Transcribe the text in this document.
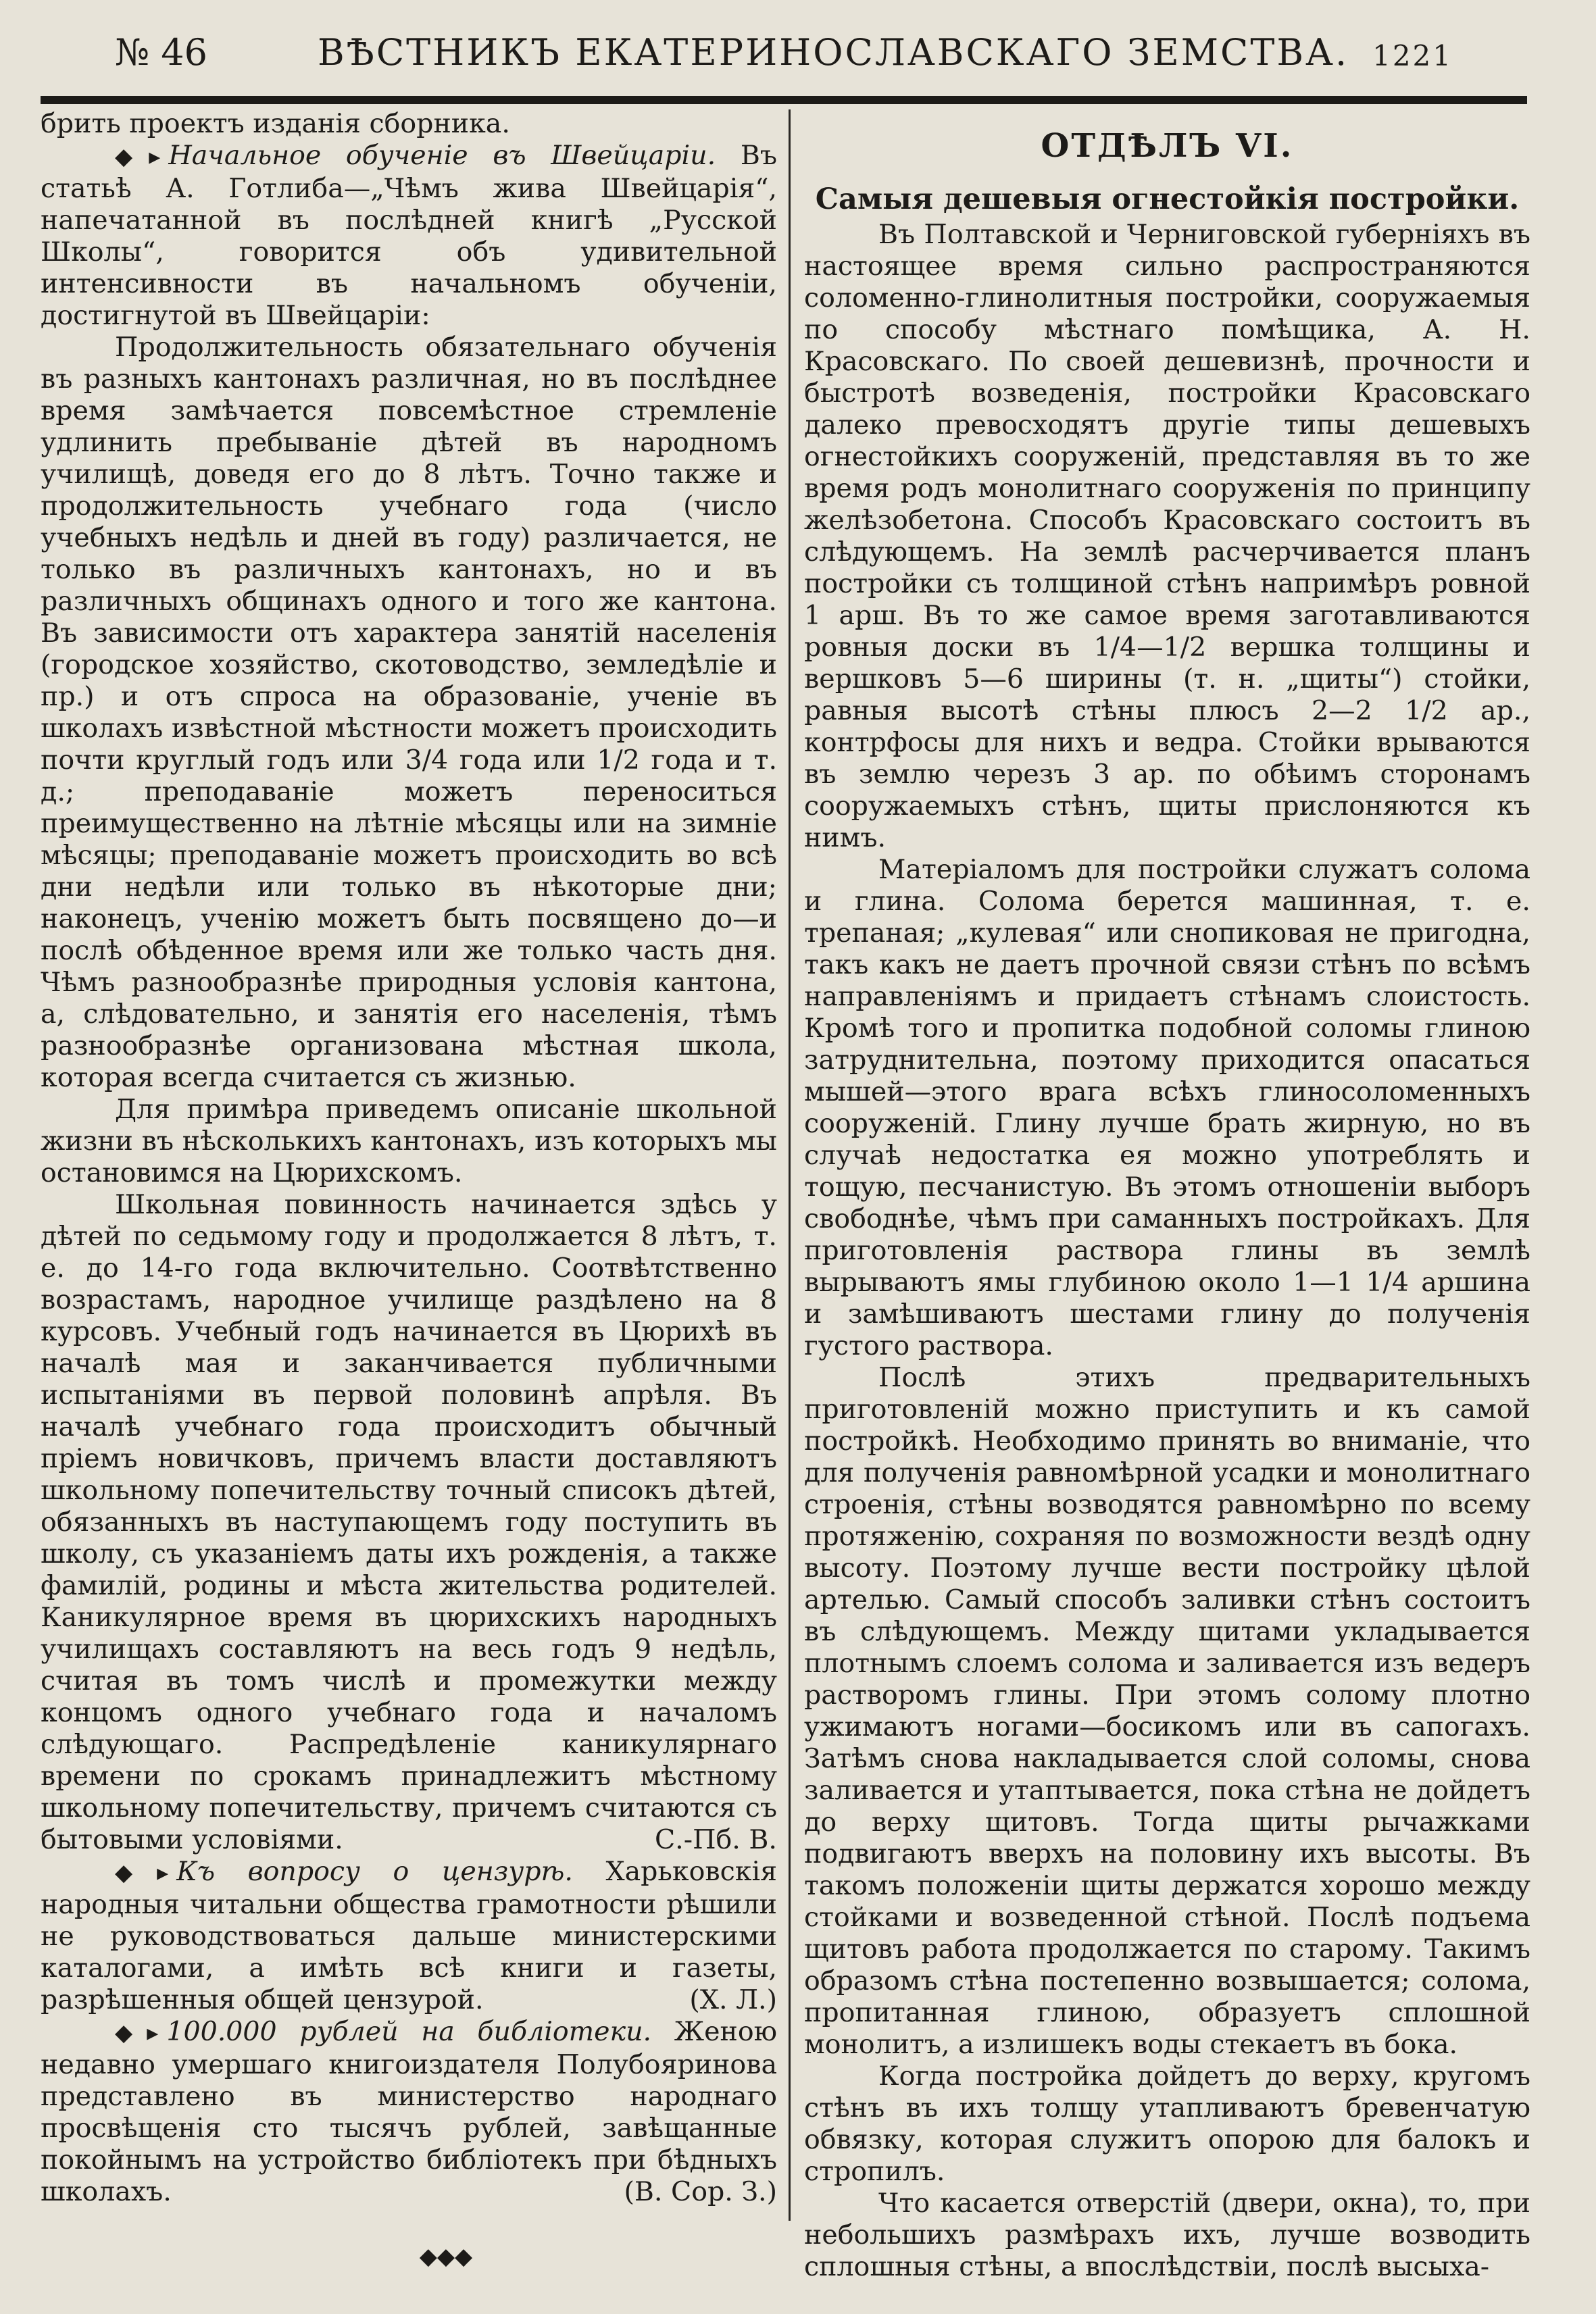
№ 46	ВѢСТНИКЪ ЕКАТЕРИНОСЛАВСКАГО ЗЕМСТВА. 1221

брить проектъ изданія сборника.

◆▸ Начальное обученіе въ Швейцаріи. Въ статьѣ А. Готлиба—„Чѣмъ жива Швейцарія“, напечатанной въ послѣдней книгѣ „Русской Школы“, говорится объ удивительной интенсивности въ начальномъ обученіи, достигнутой въ Швейцаріи:

Продолжительность обязательнаго обученія въ разныхъ кантонахъ различная, но въ послѣднее время замѣчается повсемѣстное стремленіе удлинить пребываніе дѣтей въ народномъ училищѣ, доведя его до 8 лѣтъ. Точно также и продолжительность учебнаго года (число учебныхъ недѣль и дней въ году) различается, не только въ различныхъ кантонахъ, но и въ различныхъ общинахъ одного и того же кантона. Въ зависимости отъ характера занятій населенія (городское хозяйство, скотоводство, земледѣліе и пр.) и отъ спроса на образованіе, ученіе въ школахъ извѣстной мѣстности можетъ происходить почти круглый годъ или 3/4 года или 1/2 года и т. д.; преподаваніе можетъ переноситься преимущественно на лѣтніе мѣсяцы или на зимніе мѣсяцы; преподаваніе можетъ происходить во всѣ дни недѣли или только въ нѣкоторые дни; наконецъ, ученію можетъ быть посвящено до—и послѣ обѣденное время или же только часть дня. Чѣмъ разнообразнѣе природныя условія кантона, а, слѣдовательно, и занятія его населенія, тѣмъ разнообразнѣе организована мѣстная школа, которая всегда считается съ жизнью.

Для примѣра приведемъ описаніе школьной жизни въ нѣсколькихъ кантонахъ, изъ которыхъ мы остановимся на Цюрихскомъ.

Школьная повинность начинается здѣсь у дѣтей по седьмому году и продолжается 8 лѣтъ, т. е. до 14-го года включительно. Соотвѣтственно возрастамъ, народное училище раздѣлено на 8 курсовъ. Учебный годъ начинается въ Цюрихѣ въ началѣ мая и заканчивается публичными испытаніями въ первой половинѣ апрѣля. Въ началѣ учебнаго года происходитъ обычный пріемъ новичковъ, причемъ власти доставляютъ школьному попечительству точный списокъ дѣтей, обязанныхъ въ наступающемъ году поступить въ школу, съ указаніемъ даты ихъ рожденія, а также фамилій, родины и мѣста жительства родителей. Каникулярное время въ цюрихскихъ народныхъ училищахъ составляютъ на весь годъ 9 недѣль, считая въ томъ числѣ и промежутки между концомъ одного учебнаго года и началомъ слѣдующаго. Распредѣленіе каникулярнаго времени по срокамъ принадлежитъ мѣстному школьному попечительству, причемъ считаются съ бытовыми условіями.	С.-Пб. В.

◆▸ Къ вопросу о цензурѣ. Харьковскія народныя читальни общества грамотности рѣшили не руководствоваться дальше министерскими каталогами, а имѣть всѣ книги и газеты, разрѣшенныя общей цензурой.	(Х. Л.)

◆▸ 100.000 рублей на библіотеки. Женою недавно умершаго книгоиздателя Полубояринова представлено въ министерство народнаго просвѣщенія сто тысячъ рублей, завѣщанные покойнымъ на устройство библіотекъ при бѣдныхъ школахъ.	(В. Сор. З.)

◆◆◆
ОТДѢЛЪ VI.
Самыя дешевыя огнестойкія постройки.

Въ Полтавской и Черниговской губерніяхъ въ настоящее время сильно распространяются соломенно-глинолитныя постройки, сооружаемыя по способу мѣстнаго помѣщика, А. Н. Красовскаго. По своей дешевизнѣ, прочности и быстротѣ возведенія, постройки Красовскаго далеко превосходятъ другіе типы дешевыхъ огнестойкихъ сооруженій, представляя въ то же время родъ монолитнаго сооруженія по принципу желѣзобетона. Способъ Красовскаго состоитъ въ слѣдующемъ. На землѣ расчерчивается планъ постройки съ толщиной стѣнъ напримѣръ ровной 1 арш. Въ то же самое время заготавливаются ровныя доски въ 1/4—1/2 вершка толщины и вершковъ 5—6 ширины (т. н. „щиты“) стойки, равныя высотѣ стѣны плюсъ 2—2 1/2 ар., контрфосы для нихъ и ведра. Стойки врываются въ землю черезъ 3 ар. по обѣимъ сторонамъ сооружаемыхъ стѣнъ, щиты прислоняются къ нимъ.

Матеріаломъ для постройки служатъ солома и глина. Солома берется машинная, т. е. трепаная; „кулевая“ или снопиковая не пригодна, такъ какъ не даетъ прочной связи стѣнъ по всѣмъ направленіямъ и придаетъ стѣнамъ слоистость. Кромѣ того и пропитка подобной соломы глиною затруднительна, поэтому приходится опасаться мышей—этого врага всѣхъ глиносоломенныхъ сооруженій. Глину лучше брать жирную, но въ случаѣ недостатка ея можно употреблять и тощую, песчанистую. Въ этомъ отношеніи выборъ свободнѣе, чѣмъ при саманныхъ постройкахъ. Для приготовленія раствора глины въ землѣ вырываютъ ямы глубиною около 1—1 1/4 аршина и замѣшиваютъ шестами глину до полученія густого раствора.

Послѣ этихъ предварительныхъ приготовленій можно приступить и къ самой постройкѣ. Необходимо принять во вниманіе, что для полученія равномѣрной усадки и монолитнаго строенія, стѣны возводятся равномѣрно по всему протяженію, сохраняя по возможности вездѣ одну высоту. Поэтому лучше вести постройку цѣлой артелью. Самый способъ заливки стѣнъ состоитъ въ слѣдующемъ. Между щитами укладывается плотнымъ слоемъ солома и заливается изъ ведеръ растворомъ глины. При этомъ солому плотно ужимаютъ ногами—босикомъ или въ сапогахъ. Затѣмъ снова накладывается слой соломы, снова заливается и утаптывается, пока стѣна не дойдетъ до верху щитовъ. Тогда щиты рычажками подвигаютъ вверхъ на половину ихъ высоты. Въ такомъ положеніи щиты держатся хорошо между стойками и возведенной стѣной. Послѣ подъема щитовъ работа продолжается по старому. Такимъ образомъ стѣна постепенно возвышается; солома, пропитанная глиною, образуетъ сплошной монолитъ, а излишекъ воды стекаетъ въ бока.

Когда постройка дойдетъ до верху, кругомъ стѣнъ въ ихъ толщу утапливаютъ бревенчатую обвязку, которая служитъ опорою для балокъ и стропилъ.

Что касается отверстій (двери, окна), то, при небольшихъ размѣрахъ ихъ, лучше возводить сплошныя стѣны, а впослѣдствіи, послѣ высыха-
